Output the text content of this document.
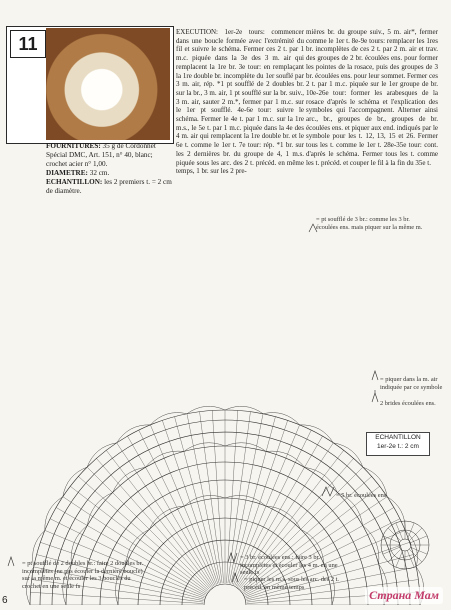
11
FOURNITURES: 35 g de Cordonnet Spécial DMC, Art. 151, n° 40, blanc; crochet acier n° 1,00.
DIAMETRE: 32 cm.
ECHANTILLON: les 2 premiers t. = 2 cm de diamètre.
EXECUTION: 1er-2e tours: commencer dans une boucle formée avec l'extrémité du fil et suivre le schéma. Fermer ces 2 t. par 1 m.c. piquée dans la 3e des 3 m. air qui remplacent la 1re br. 3e tour: en remplaçant la 1re double br. incomplète du 1er souflé par 3 m. air, rép. *1 pt soufflé de 2 doubles br. sur la br., 3 m. air, 1 pt soufflé sur la br. suiv., 3 m. air, sauter 2 m.*, fermer par 1 m.c. sur le 1er pt soufflé. 4e-6e tour: suivre le schéma. Fermer le 4e t. par 1 m.c. sur la 1re m.s., le 5e t. par 1 m.c. piquée dans la 4e des 4 m. air qui remplacent la 1re double br. et le 6e t. comme le 1er t. 7e tour: rép. *1 br. sur les 2 dernières br. du groupe de 4, 1 m.s. piquée sous les arc. des 2 t. précéd. en même temps, 1 br. sur les 2 pre-
mières br. du groupe suiv., 5 m. air*, fermer comme le 1er t. 8e-9e tours: remplacer les 1res br. incomplètes de ces 2 t. par 2 m. air et trav. des groupes de 2 br. écoulées ens. pour former les pointes de la rosace, puis des groupes de 3 br. écoulées ens. pour leur sommet. Fermer ces 2 t. par 1 m.c. piquée sur le 1er groupe de br. 10e-26e tour: former les arabesques de la rosace d'après le schéma et l'explication des symboles qui l'accompagnent. Alterner ainsi arc., br., groupes de br., groupes de br. écoulées ens. et piquer aux end. indiqués par le symbole pour les t. 12, 13, 15 et 26. Fermer tous les t. comme le 1er t. 28e-35e tour: cont. d'après le schéma. Fermer tous les t. comme les t. précéd. et couper le fil à la fin du 35e t.
= pt soufflé de 3 br.: comme les 3 br. écoulées ens. mais piquer sur la même m.
= piquer dans la m. air indiquée par ce symbole
2 brides écoulées ens.
ECHANTILLON
1er-2e t.: 2 cm
= 5 br. écoulées ens.
= pt soufflé de 2 doubles br.: faire 2 doubles br. incomplètes (ne pas écouler la dernière boucle) sur la même m. et écouler les 3 boucles du crochet en une seule fs
= 3 br. écoulées ens.: faire 3 br. incomplètes et écouler les 4 m. en une seule fs
= piquer les m.s. sous les arc. des 2 t. précéd. en même temps
6	Страна Мам
